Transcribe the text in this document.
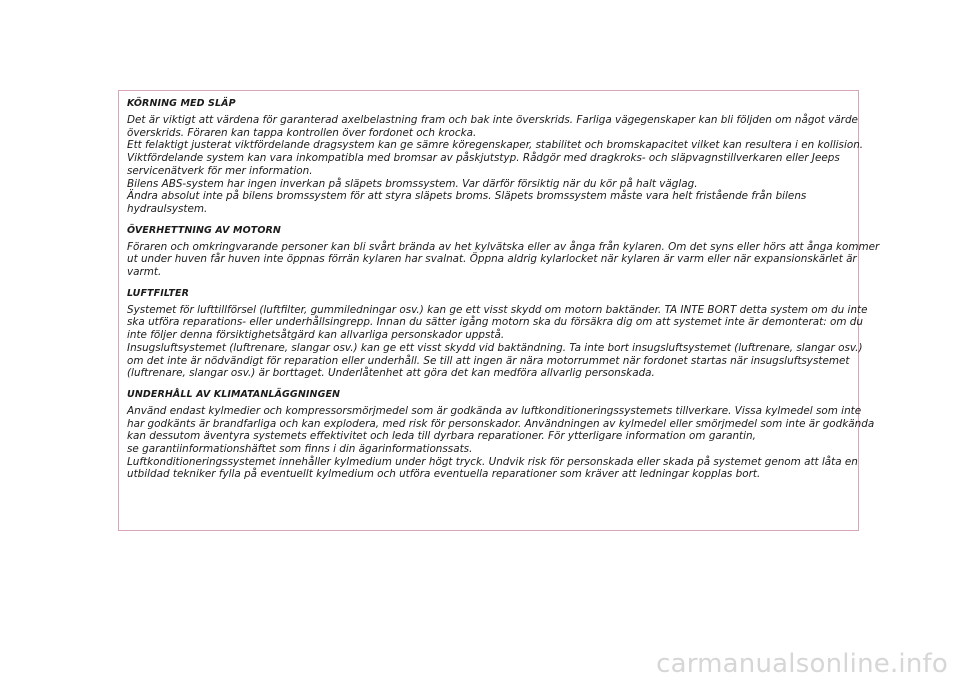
KÖRNING MED SLÄP
Det är viktigt att värdena för garanterad axelbelastning fram och bak inte överskrids. Farliga vägegenskaper kan bli följden om något värde
överskrids. Föraren kan tappa kontrollen över fordonet och krocka.
Ett felaktigt justerat viktfördelande dragsystem kan ge sämre köregenskaper, stabilitet och bromskapacitet vilket kan resultera i en kollision.
Viktfördelande system kan vara inkompatibla med bromsar av påskjutstyp. Rådgör med dragkroks- och släpvagnstillverkaren eller Jeeps
servicenätverk för mer information.
Bilens ABS-system har ingen inverkan på släpets bromssystem. Var därför försiktig när du kör på halt väglag.
Ändra absolut inte på bilens bromssystem för att styra släpets broms. Släpets bromssystem måste vara helt fristående från bilens
hydraulsystem.
ÖVERHETTNING AV MOTORN
Föraren och omkringvarande personer kan bli svårt brända av het kylvätska eller av ånga från kylaren. Om det syns eller hörs att ånga kommer
ut under huven får huven inte öppnas förrän kylaren har svalnat. Öppna aldrig kylarlocket när kylaren är varm eller när expansionskärlet är
varmt.
LUFTFILTER
Systemet för lufttillförsel (luftfilter, gummiledningar osv.) kan ge ett visst skydd om motorn baktänder. TA INTE BORT detta system om du inte
ska utföra reparations- eller underhållsingrepp. Innan du sätter igång motorn ska du försäkra dig om att systemet inte är demonterat: om du
inte följer denna försiktighetsåtgärd kan allvarliga personskador uppstå.
Insugsluftsystemet (luftrenare, slangar osv.) kan ge ett visst skydd vid baktändning. Ta inte bort insugsluftsystemet (luftrenare, slangar osv.)
om det inte är nödvändigt för reparation eller underhåll. Se till att ingen är nära motorrummet när fordonet startas när insugsluftsystemet
(luftrenare, slangar osv.) är borttaget. Underlåtenhet att göra det kan medföra allvarlig personskada.
UNDERHÅLL AV KLIMATANLÄGGNINGEN
Använd endast kylmedier och kompressorsmörjmedel som är godkända av luftkonditioneringssystemets tillverkare. Vissa kylmedel som inte
har godkänts är brandfarliga och kan explodera, med risk för personskador. Användningen av kylmedel eller smörjmedel som inte är godkända
kan dessutom äventyra systemets effektivitet och leda till dyrbara reparationer. För ytterligare information om garantin,
se garantiinformationshäftet som finns i din ägarinformationssats.
Luftkonditioneringssystemet innehåller kylmedium under högt tryck. Undvik risk för personskada eller skada på systemet genom att låta en
utbildad tekniker fylla på eventuellt kylmedium och utföra eventuella reparationer som kräver att ledningar kopplas bort.
carmanualsonline.info
